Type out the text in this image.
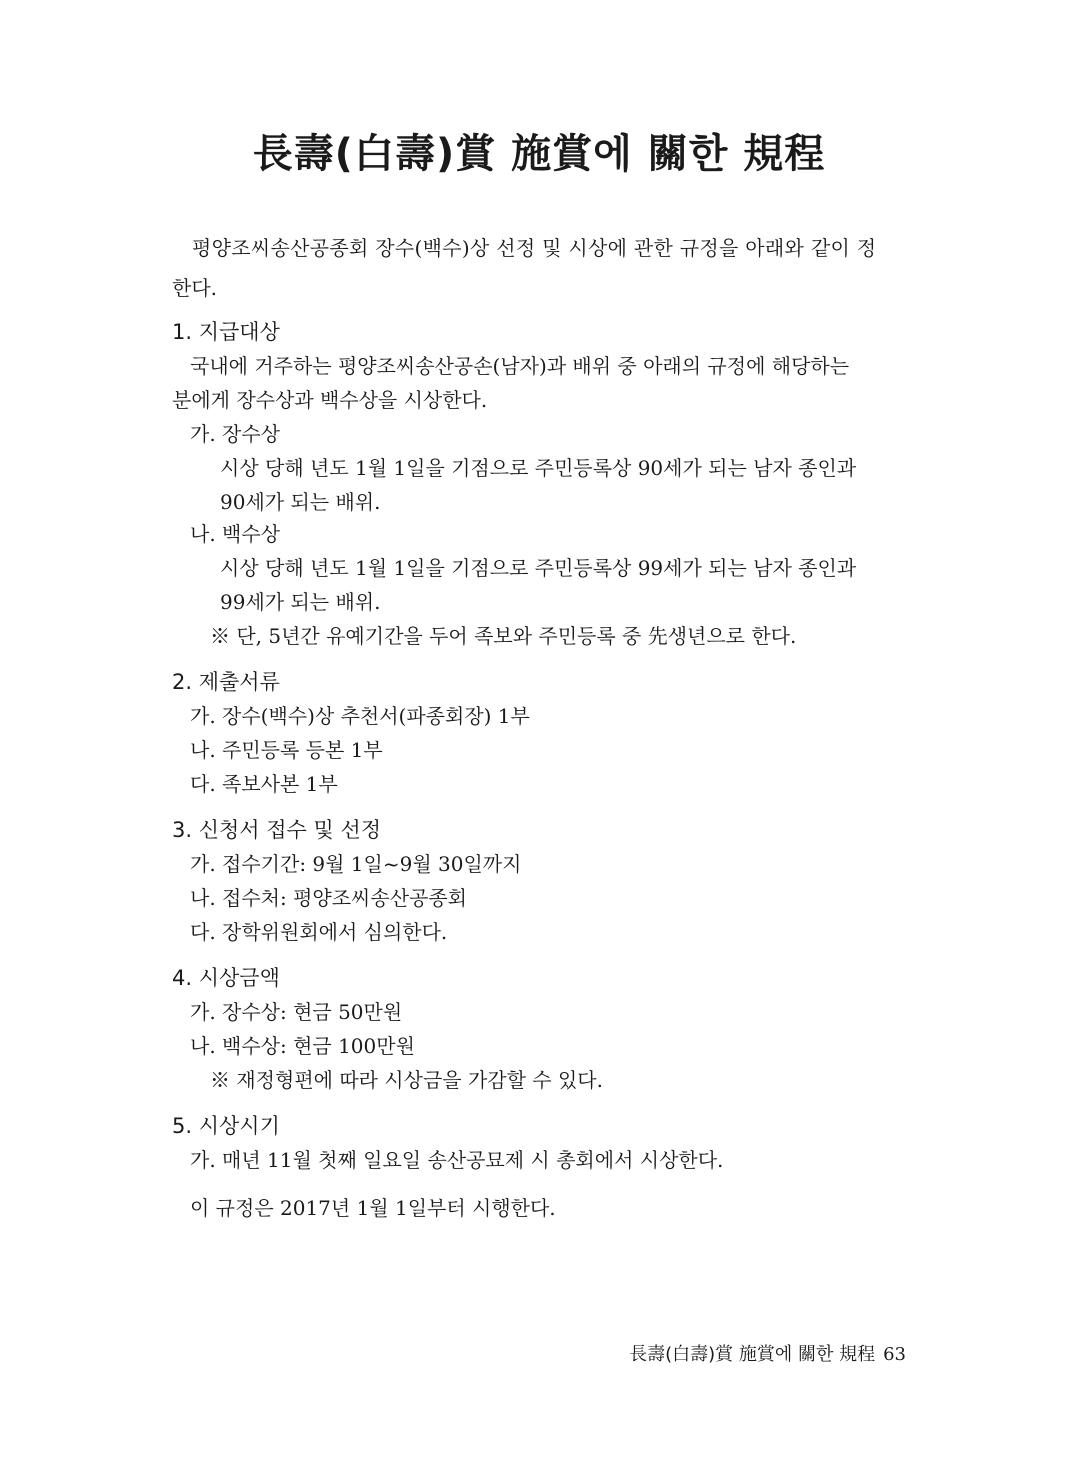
長壽(白壽)賞 施賞에 關한 規程
평양조씨송산공종회 장수(백수)상 선정 및 시상에 관한 규정을 아래와 같이 정
한다.
1. 지급대상
국내에 거주하는 평양조씨송산공손(남자)과 배위 중 아래의 규정에 해당하는
분에게 장수상과 백수상을 시상한다.
가. 장수상
시상 당해 년도 1월 1일을 기점으로 주민등록상 90세가 되는 남자 종인과
90세가 되는 배위.
나. 백수상
시상 당해 년도 1월 1일을 기점으로 주민등록상 99세가 되는 남자 종인과
99세가 되는 배위.
※ 단, 5년간 유예기간을 두어 족보와 주민등록 중 先생년으로 한다.
2. 제출서류
가. 장수(백수)상 추천서(파종회장) 1부
나. 주민등록 등본 1부
다. 족보사본 1부
3. 신청서 접수 및 선정
가. 접수기간: 9월 1일~9월 30일까지
나. 접수처: 평양조씨송산공종회
다. 장학위원회에서 심의한다.
4. 시상금액
가. 장수상: 현금 50만원
나. 백수상: 현금 100만원
※ 재정형편에 따라 시상금을 가감할 수 있다.
5. 시상시기
가. 매년 11월 첫째 일요일 송산공묘제 시 총회에서 시상한다.
이 규정은 2017년 1월 1일부터 시행한다.
長壽(白壽)賞 施賞에 關한 規程 63
